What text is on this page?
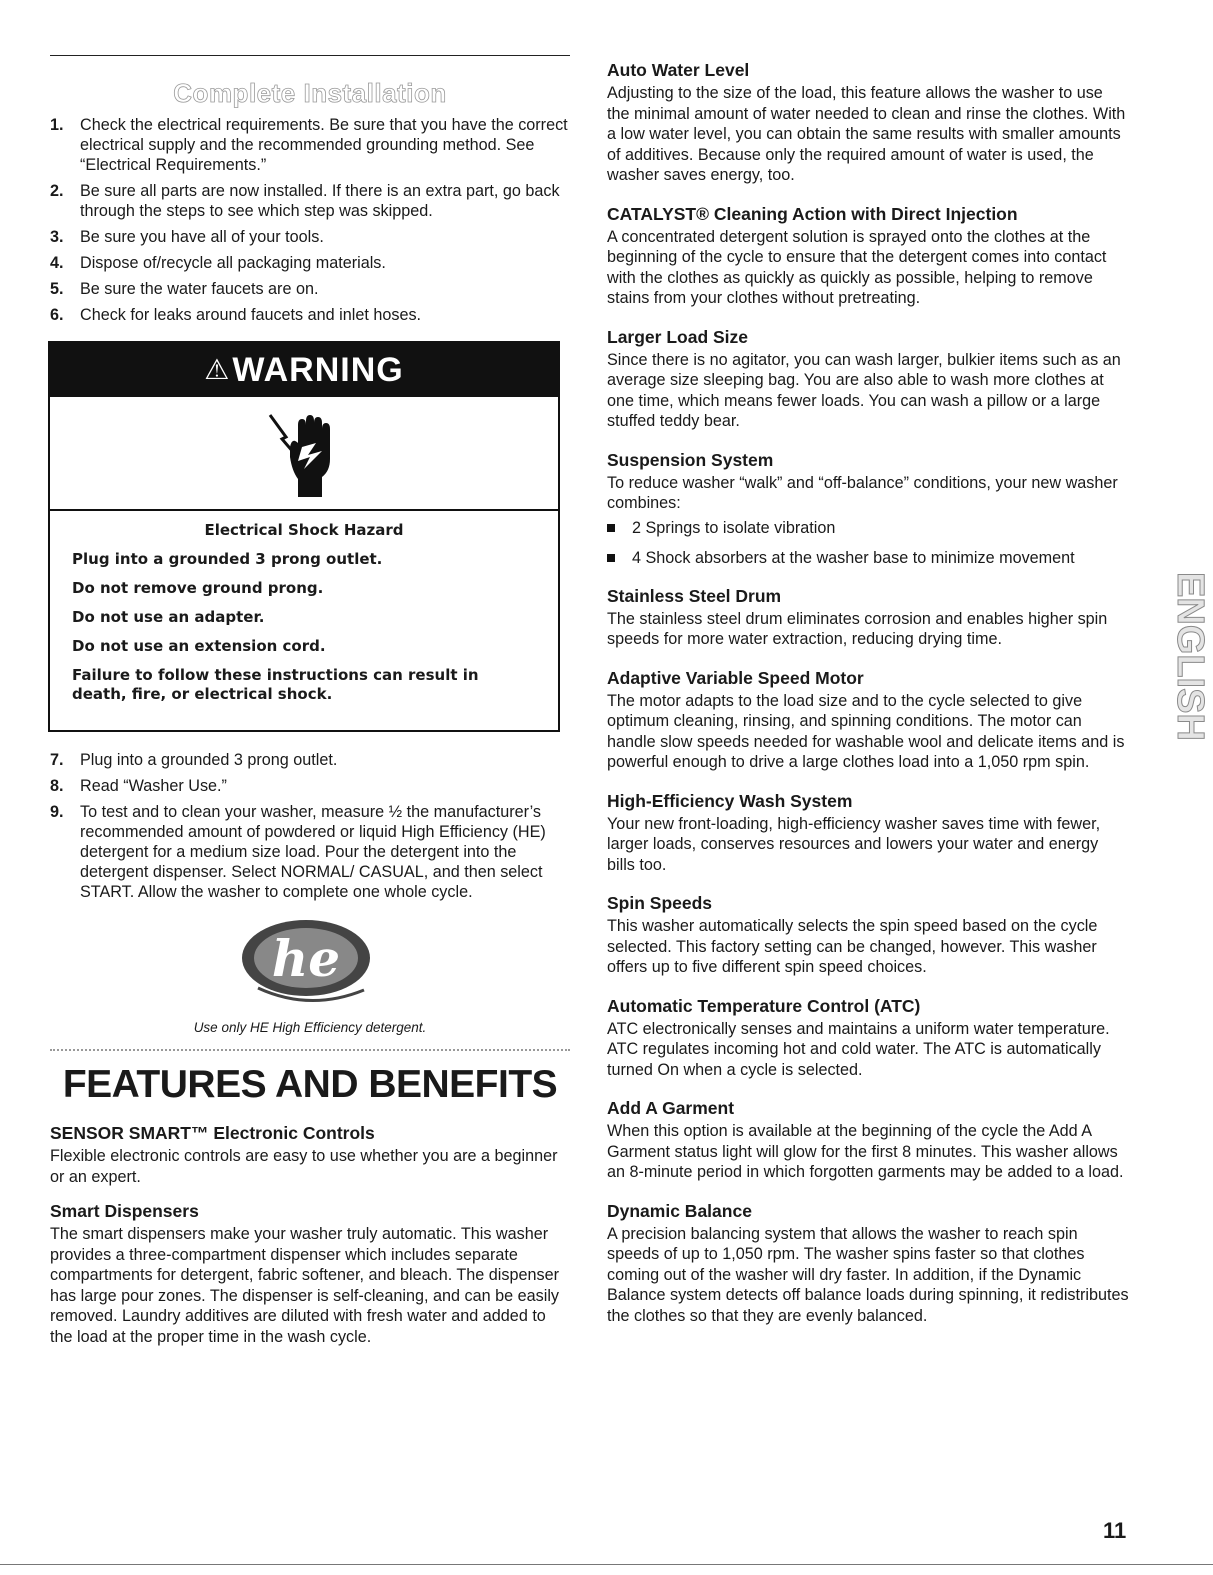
Complete Installation
1. Check the electrical requirements. Be sure that you have the correct electrical supply and the recommended grounding method. See “Electrical Requirements.”
2. Be sure all parts are now installed. If there is an extra part, go back through the steps to see which step was skipped.
3. Be sure you have all of your tools.
4. Dispose of/recycle all packaging materials.
5. Be sure the water faucets are on.
6. Check for leaks around faucets and inlet hoses.
⚠WARNING

Electrical Shock Hazard

Plug into a grounded 3 prong outlet.

Do not remove ground prong.

Do not use an adapter.

Do not use an extension cord.

Failure to follow these instructions can result in death, fire, or electrical shock.

7. Plug into a grounded 3 prong outlet.
8. Read “Washer Use.”
9. To test and to clean your washer, measure ½ the manufacturer’s recommended amount of powdered or liquid High Efficiency (HE) detergent for a medium size load. Pour the detergent into the detergent dispenser. Select NORMAL/ CASUAL, and then select START. Allow the washer to complete one whole cycle.
he
Use only HE High Efficiency detergent.
FEATURES AND BENEFITS
SENSOR SMART™ Electronic Controls

Flexible electronic controls are easy to use whether you are a beginner or an expert.

Smart Dispensers

The smart dispensers make your washer truly automatic. This washer provides a three-compartment dispenser which includes separate compartments for detergent, fabric softener, and bleach. The dispenser has large pour zones. The dispenser is self-cleaning, and can be easily removed. Laundry additives are diluted with fresh water and added to the load at the proper time in the wash cycle.

Auto Water Level

Adjusting to the size of the load, this feature allows the washer to use the minimal amount of water needed to clean and rinse the clothes. With a low water level, you can obtain the same results with smaller amounts of additives. Because only the required amount of water is used, the washer saves energy, too.

CATALYST® Cleaning Action with Direct Injection

A concentrated detergent solution is sprayed onto the clothes at the beginning of the cycle to ensure that the detergent comes into contact with the clothes as quickly as quickly as possible, helping to remove stains from your clothes without pretreating.

Larger Load Size

Since there is no agitator, you can wash larger, bulkier items such as an average size sleeping bag. You are also able to wash more clothes at one time, which means fewer loads. You can wash a pillow or a large stuffed teddy bear.

Suspension System

To reduce washer “walk” and “off-balance” conditions, your new washer combines:

2 Springs to isolate vibration
4 Shock absorbers at the washer base to minimize movement
Stainless Steel Drum

The stainless steel drum eliminates corrosion and enables higher spin speeds for more water extraction, reducing drying time.

Adaptive Variable Speed Motor

The motor adapts to the load size and to the cycle selected to give optimum cleaning, rinsing, and spinning conditions. The motor can handle slow speeds needed for washable wool and delicate items and is powerful enough to drive a large clothes load into a 1,050 rpm spin.

High-Efficiency Wash System

Your new front-loading, high-efficiency washer saves time with fewer, larger loads, conserves resources and lowers your water and energy bills too.

Spin Speeds

This washer automatically selects the spin speed based on the cycle selected. This factory setting can be changed, however. This washer offers up to five different spin speed choices.

Automatic Temperature Control (ATC)

ATC electronically senses and maintains a uniform water temperature. ATC regulates incoming hot and cold water. The ATC is automatically turned On when a cycle is selected.

Add A Garment

When this option is available at the beginning of the cycle the Add A Garment status light will glow for the first 8 minutes. This washer allows an 8-minute period in which forgotten garments may be added to a load.

Dynamic Balance

A precision balancing system that allows the washer to reach spin speeds of up to 1,050 rpm. The washer spins faster so that clothes coming out of the washer will dry faster. In addition, if the Dynamic Balance system detects off balance loads during spinning, it redistributes the clothes so that they are evenly balanced.

ENGLISH
11
